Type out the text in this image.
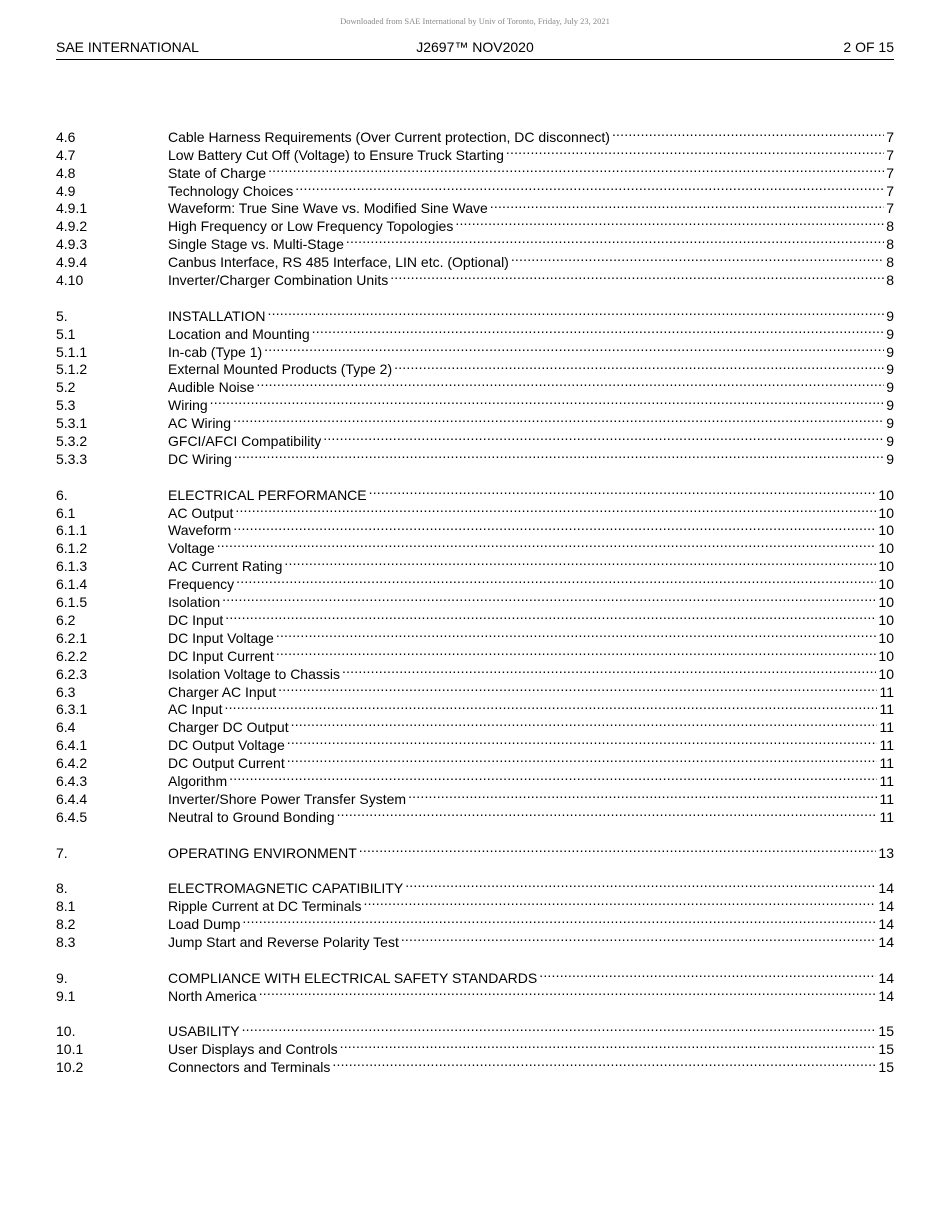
Downloaded from SAE International by Univ of Toronto, Friday, July 23, 2021
SAE INTERNATIONAL	J2697™ NOV2020	2 OF 15
4.6	Cable Harness Requirements (Over Current protection, DC disconnect) .....	7
4.7	Low Battery Cut Off (Voltage) to Ensure Truck Starting .....	7
4.8	State of Charge .....	7
4.9	Technology Choices .....	7
4.9.1	Waveform: True Sine Wave vs. Modified Sine Wave .....	7
4.9.2	High Frequency or Low Frequency Topologies .....	8
4.9.3	Single Stage vs. Multi-Stage .....	8
4.9.4	Canbus Interface, RS 485 Interface, LIN etc. (Optional) .....	8
4.10	Inverter/Charger Combination Units .....	8
5.	INSTALLATION .....	9
5.1	Location and Mounting .....	9
5.1.1	In-cab (Type 1) .....	9
5.1.2	External Mounted Products (Type 2) .....	9
5.2	Audible Noise .....	9
5.3	Wiring .....	9
5.3.1	AC Wiring .....	9
5.3.2	GFCI/AFCI Compatibility .....	9
5.3.3	DC Wiring .....	9
6.	ELECTRICAL PERFORMANCE .....	10
6.1	AC Output .....	10
6.1.1	Waveform .....	10
6.1.2	Voltage .....	10
6.1.3	AC Current Rating .....	10
6.1.4	Frequency .....	10
6.1.5	Isolation .....	10
6.2	DC Input .....	10
6.2.1	DC Input Voltage .....	10
6.2.2	DC Input Current .....	10
6.2.3	Isolation Voltage to Chassis .....	10
6.3	Charger AC Input .....	11
6.3.1	AC Input .....	11
6.4	Charger DC Output .....	11
6.4.1	DC Output Voltage .....	11
6.4.2	DC Output Current .....	11
6.4.3	Algorithm .....	11
6.4.4	Inverter/Shore Power Transfer System .....	11
6.4.5	Neutral to Ground Bonding .....	11
7.	OPERATING ENVIRONMENT .....	13
8.	ELECTROMAGNETIC CAPATIBILITY .....	14
8.1	Ripple Current at DC Terminals .....	14
8.2	Load Dump .....	14
8.3	Jump Start and Reverse Polarity Test .....	14
9.	COMPLIANCE WITH ELECTRICAL SAFETY STANDARDS .....	14
9.1	North America .....	14
10.	USABILITY .....	15
10.1	User Displays and Controls .....	15
10.2	Connectors and Terminals .....	15
